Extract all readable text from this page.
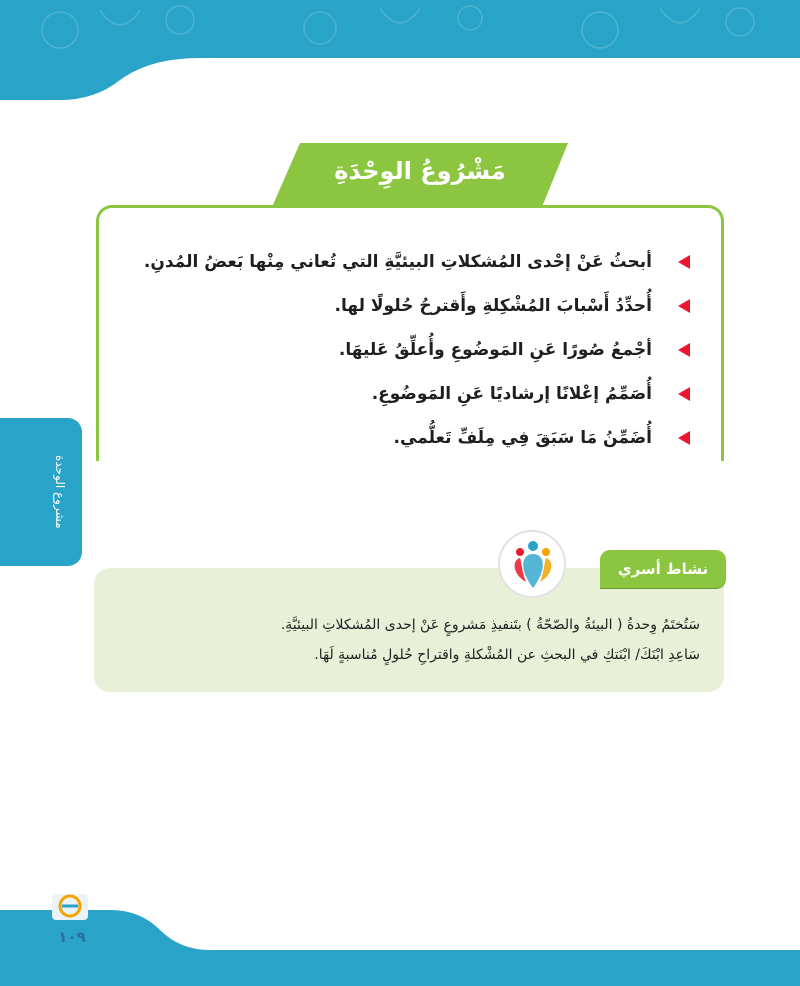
مشروع الوحدة
مَشْرُوعُ الوِحْدَةِ
أبحثُ عَنْ إحْدى المُشكلاتِ البيئيَّةِ التي تُعاني مِنْها بَعضُ المُدنِ.
أُحدِّدُ أَسْبابَ المُشْكِلةِ وأَقترحُ حُلولًا لها.
أجْمعُ صُورًا عَنِ المَوضُوعِ وأُعلِّقُ عَليهَا.
أُصَمِّمُ إعْلانًا إرشاديًا عَنِ المَوضُوعِ.
أُضَمِّنُ مَا سَبَقَ فِي مِلَفِّ تَعلُّمي.
نشاط أسري

سَتُختَمُ وِحدةُ ( البيئةُ والصّحّةُ ) بتَنفيذِ مَشروعٍ عَنْ إحدى المُشكلاتِ البيئيَّةِ.

سَاعِدِ ابْنَكَ/ ابْنَتكِ في البحثِ عن المُشْكلةِ واقتراحِ حُلولٍ مُناسبةٍ لَهَا.

١٠٩
